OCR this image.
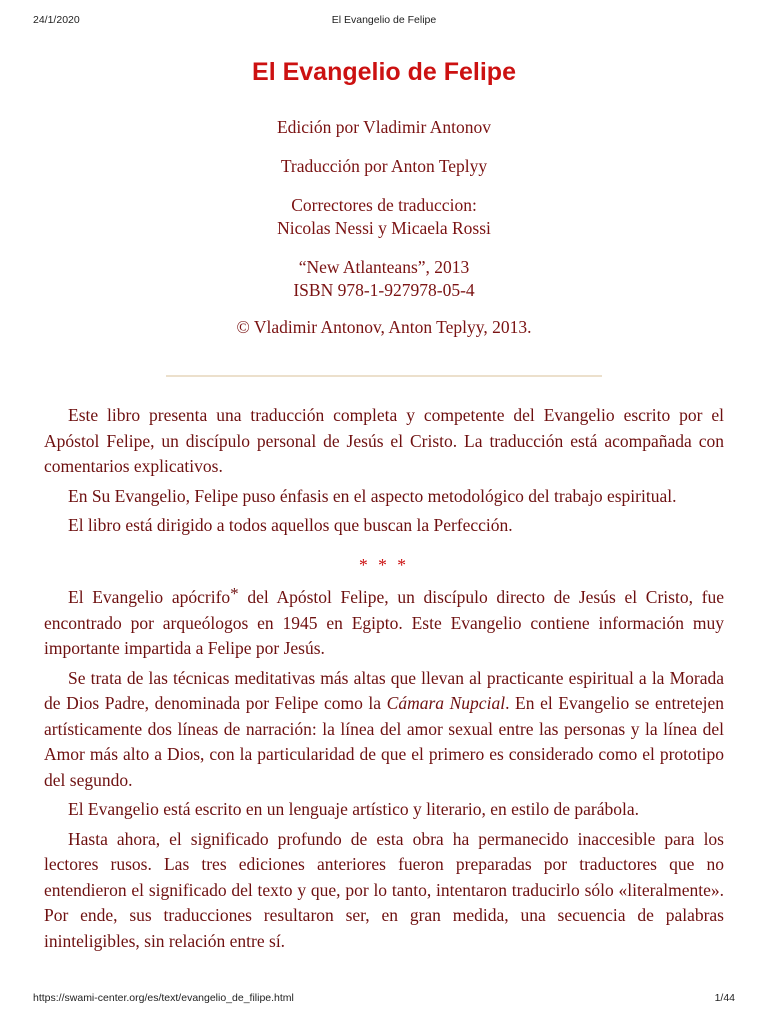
24/1/2020	El Evangelio de Felipe
El Evangelio de Felipe

Edición por Vladimir Antonov

Traducción por Anton Teplyy

Correctores de traduccion:
Nicolas Nessi y Micaela Rossi

“New Atlanteans”, 2013
ISBN 978-1-927978-05-4

© Vladimir Antonov, Anton Teplyy, 2013.

Este libro presenta una traducción completa y competente del Evangelio escrito por el Apóstol Felipe, un discípulo personal de Jesús el Cristo. La traducción está acompañada con comentarios explicativos.

En Su Evangelio, Felipe puso énfasis en el aspecto metodológico del trabajo espiritual.

El libro está dirigido a todos aquellos que buscan la Perfección.

* * *

El Evangelio apócrifo* del Apóstol Felipe, un discípulo directo de Jesús el Cristo, fue encontrado por arqueólogos en 1945 en Egipto. Este Evangelio contiene información muy importante impartida a Felipe por Jesús.

Se trata de las técnicas meditativas más altas que llevan al practicante espiritual a la Morada de Dios Padre, denominada por Felipe como la Cámara Nupcial. En el Evangelio se entretejen artísticamente dos líneas de narración: la línea del amor sexual entre las personas y la línea del Amor más alto a Dios, con la particularidad de que el primero es considerado como el prototipo del segundo.

El Evangelio está escrito en un lenguaje artístico y literario, en estilo de parábola.

Hasta ahora, el significado profundo de esta obra ha permanecido inaccesible para los lectores rusos. Las tres ediciones anteriores fueron preparadas por traductores que no entendieron el significado del texto y que, por lo tanto, intentaron traducirlo sólo «literalmente». Por ende, sus traducciones resultaron ser, en gran medida, una secuencia de palabras ininteligibles, sin relación entre sí.

https://swami-center.org/es/text/evangelio_de_filipe.html	1/44
